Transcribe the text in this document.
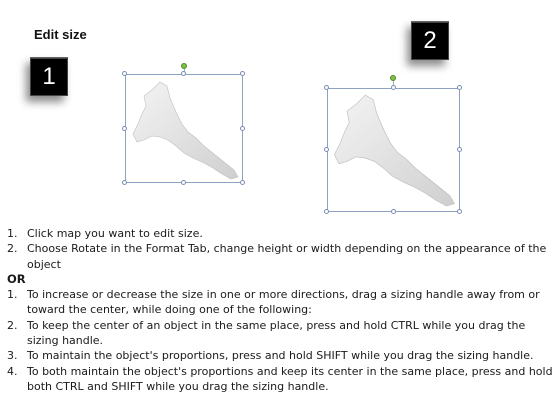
Edit size
1
2
1. Click map you want to edit size.
2. Choose Rotate in the Format Tab, change height or width depending on the appearance of the object
OR
1. To increase or decrease the size in one or more directions, drag a sizing handle away from or toward the center, while doing one of the following:
2. To keep the center of an object in the same place, press and hold CTRL while you drag the sizing handle.
3. To maintain the object's proportions, press and hold SHIFT while you drag the sizing handle.
4. To both maintain the object's proportions and keep its center in the same place, press and hold both CTRL and SHIFT while you drag the sizing handle.
